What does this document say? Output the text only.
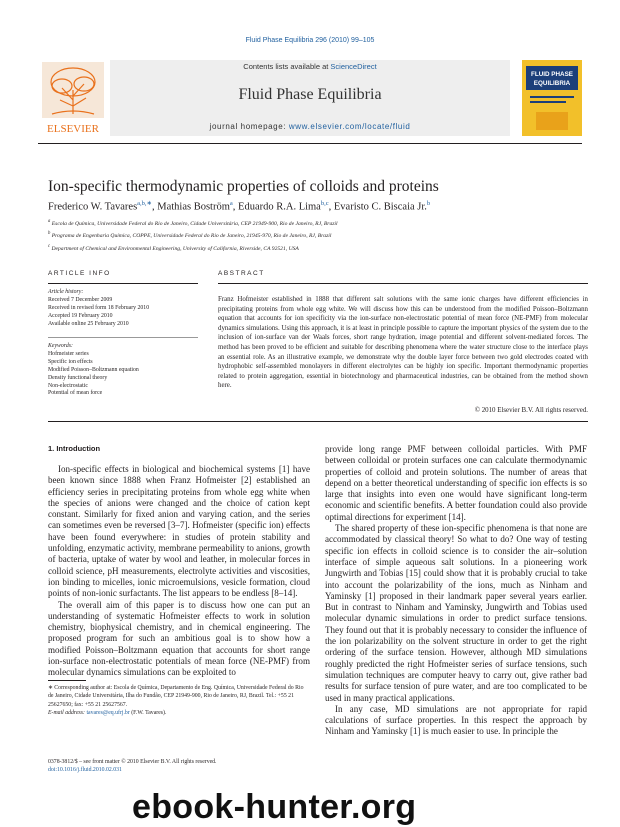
Fluid Phase Equilibria 296 (2010) 99–105
Contents lists available at ScienceDirect
Fluid Phase Equilibria
journal homepage: www.elsevier.com/locate/fluid
ELSEVIER
FLUID PHASE
EQUILIBRIA
Ion-specific thermodynamic properties of colloids and proteins
Frederico W. Tavares$^{a,b,∗}$, Mathias Boström$^a$, Eduardo R.A. Lima$^{b,c}$, Evaristo C. Biscaia Jr.$^b$
$^a$ Escola de Química, Universidade Federal do Rio de Janeiro, Cidade Universitária, CEP 21949-900, Rio de Janeiro, RJ, Brazil
$^b$ Programa de Engenharia Química, COPPE, Universidade Federal do Rio de Janeiro, 21945-970, Rio de Janeiro, RJ, Brazil
$^c$ Department of Chemical and Environmental Engineering, University of California, Riverside, CA 92521, USA
ARTICLE INFO
Article history:
Received 7 December 2009
Received in revised form 18 February 2010
Accepted 19 February 2010
Available online 25 February 2010
Keywords:
Hofmeister series
Specific ion effects
Modified Poisson–Boltzmann equation
Density functional theory
Non-electrostatic
Potential of mean force
ABSTRACT
Franz Hofmeister established in 1888 that different salt solutions with the same ionic charges have different efficiencies in precipitating proteins from whole egg white. We will discuss how this can be understood from the modified Poisson–Boltzmann equation that accounts for ion specificity via the ion-surface non-electrostatic potential of mean force (NE-PMF) from molecular dynamics simulations. Using this approach, it is at least in principle possible to capture the important physics of the system due to the inclusion of ion-surface van der Waals forces, short range hydration, image potential and different solvent-mediated forces. The method has been proved to be efficient and suitable for describing phenomena where the water structure close to the interface plays an essential role. As an illustrative example, we demonstrate why the double layer force between two gold electrodes coated with hydrophobic self-assembled monolayers in different electrolytes can be highly ion specific. Important thermodynamic properties related to protein aggregation, essential in biotechnology and pharmaceutical industries, can be obtained from the method shown here.
© 2010 Elsevier B.V. All rights reserved.
1. Introduction

Ion-specific effects in biological and biochemical systems [1] have been known since 1888 when Franz Hofmeister [2] established an efficiency series in precipitating proteins from whole egg white when the species of anions were changed and the choice of cation kept constant. Similarly for fixed anion and varying cation, and the series can sometimes even be reversed [3–7]. Hofmeister (specific ion) effects have been found everywhere: in studies of protein stability and unfolding, enzymatic activity, membrane permeability to anions, growth of bacteria, uptake of water by wool and leather, in molecular forces in colloid science, pH measurements, electrolyte activities and viscosities, ion binding to micelles, ionic microemulsions, vesicle formation, cloud points of non-ionic surfactants. The list appears to be endless [8–14].

The overall aim of this paper is to discuss how one can put an understanding of systematic Hofmeister effects to work in solution chemistry, biophysical chemistry, and in chemical engineering. The proposed program for such an ambitious goal is to show how a modified Poisson–Boltzmann equation that accounts for short range ion-surface non-electrostatic potentials of mean force (NE-PMF) from molecular dynamics simulations can be exploited to

provide long range PMF between colloidal particles. With PMF between colloidal or protein surfaces one can calculate thermodynamic properties of colloid and protein solutions. The number of areas that depend on a better theoretical understanding of specific ion effects is so large that insights into even one would have significant long-term economic and scientific benefits. A better foundation could also provide optimal directions for experiment [14].

The shared property of these ion-specific phenomena is that none are accommodated by classical theory! So what to do? One way of testing specific ion effects in colloid science is to consider the air–solution interface of simple aqueous salt solutions. In a pioneering work Jungwirth and Tobias [15] could show that it is probably crucial to take into account the polarizability of the ions, much as Ninham and Yaminsky [1] proposed in their landmark paper several years earlier. But in contrast to Ninham and Yaminsky, Jungwirth and Tobias used molecular dynamic simulations in order to predict surface tensions. They found out that it is probably necessary to consider the influence of the ion polarizability on the solvent structure in order to get the right ordering of the surface tension. However, although MD simulations roughly predicted the right Hofmeister series of surface tensions, such simulation techniques are computer heavy to carry out, give rather bad results for surface tension of pure water, and are too complicated to be used in many practical applications.

In any case, MD simulations are not appropriate for rapid calculations of surface properties. In this respect the approach by Ninham and Yaminsky [1] is much easier to use. In principle the

∗ Corresponding author at: Escola de Química, Departamento de Eng. Química, Universidade Federal do Rio de Janeiro, Cidade Universitária, Ilha do Fundão, CEP 21949-900, Rio de Janeiro, RJ, Brazil. Tel.: +55 21 25627650; fax: +55 21 25627567.
E-mail address: tavares@eq.ufrj.br (F.W. Tavares).
0378-3812/$ – see front matter © 2010 Elsevier B.V. All rights reserved.
doi:10.1016/j.fluid.2010.02.031
ebook-hunter.org
